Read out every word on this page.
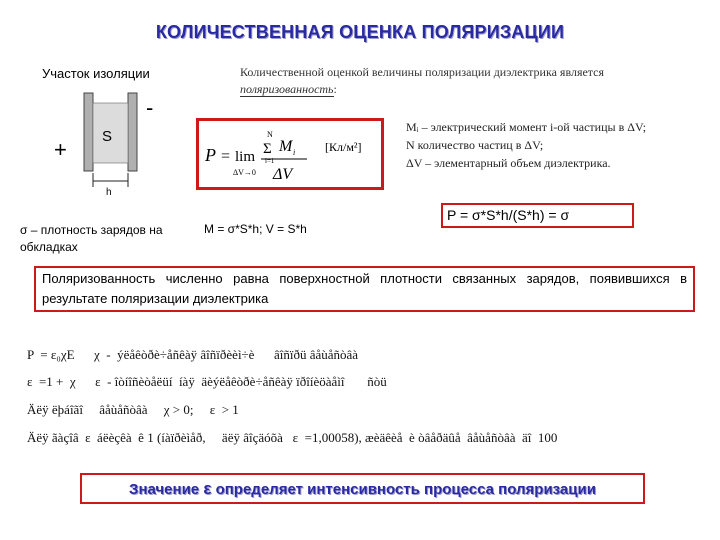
КОЛИЧЕСТВЕННАЯ ОЦЕНКА ПОЛЯРИЗАЦИИ
Участок изоляции	Количественной оценкой величины поляризации диэлектрика является поляризованность:
+
-
S
h
P = lim
ΔV→0
N
Σ
i=1
M i
ΔV
[Кл/м²]
Mᵢ – электрический момент i-ой частицы в ΔV;
N количество частиц в ΔV;
ΔV – элементарный объем диэлектрика.
σ – плотность зарядов на обкладках
M = σ*S*h; V = S*h
P = σ*S*h/(S*h) = σ
Поляризованность численно равна поверхностной плотности связанных зарядов, появившихся в результате поляризации диэлектрика
P  = ε₀χE      χ  -  ýëåêòðè÷åñêàÿ âîñïðèèì÷è      âîñïðü âåùåñòâà
ε  =1 +  χ      ε  - îòíîñèòåëüí  íàÿ  äèýëåêòðè÷åñêàÿ ïðîíèöàåìî       ñòü
Äëÿ ëþáîãî     âåùåñòâà     χ > 0;     ε  > 1
Äëÿ ãàçîâ  ε  áëèçêà  ê 1 (íàïðèìåð,     äëÿ âîçäóõà   ε  =1,00058), æèäêèå  è òâåðäûå  âåùåñòâà  äî  100
Значение ε определяет интенсивность процесса поляризации
